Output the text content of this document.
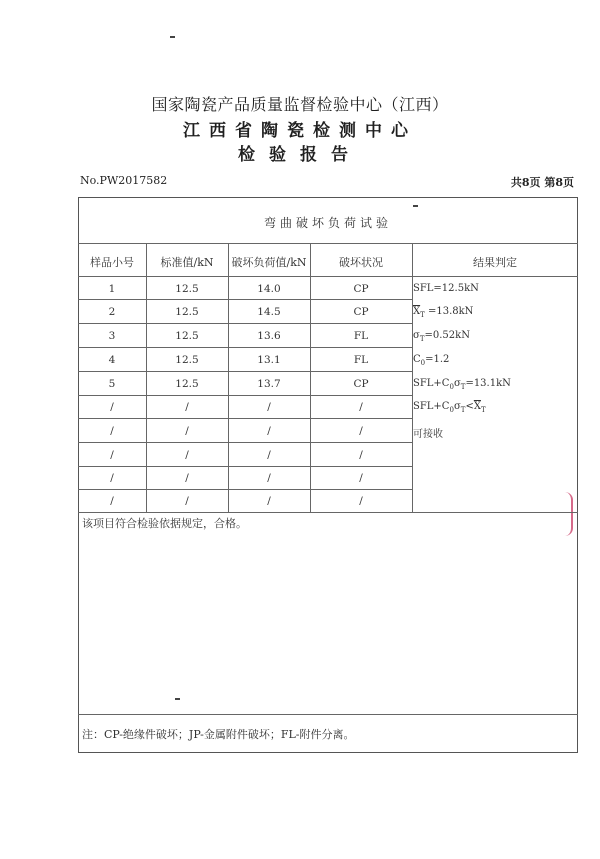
国家陶瓷产品质量监督检验中心（江西）
江西省陶瓷检测中心
检验报告
No.PW2017582	共8页 第8页
弯曲破坏负荷试验
样品小号	标准值/kN	破坏负荷值/kN	破坏状况	结果判定
1	12.5	14.0	CP
2	12.5	14.5	CP
3	12.5	13.6	FL
4	12.5	13.1	FL
5	12.5	13.7	CP
/	/	/	/
/	/	/	/
/	/	/	/
/	/	/	/
/	/	/	/
SFL=12.5kN
$\overline{X}_T =13.8kN$
$\sigma_T=0.52kN$
$C_0=1.2$
$SFL+C_0\sigma_T=13.1kN$
$SFL+C_0\sigma_T<\overline{X}_T$
可接收
该项目符合检验依据规定，合格。
注：CP-绝缘件破坏；JP-金属附件破坏；FL-附件分离。
